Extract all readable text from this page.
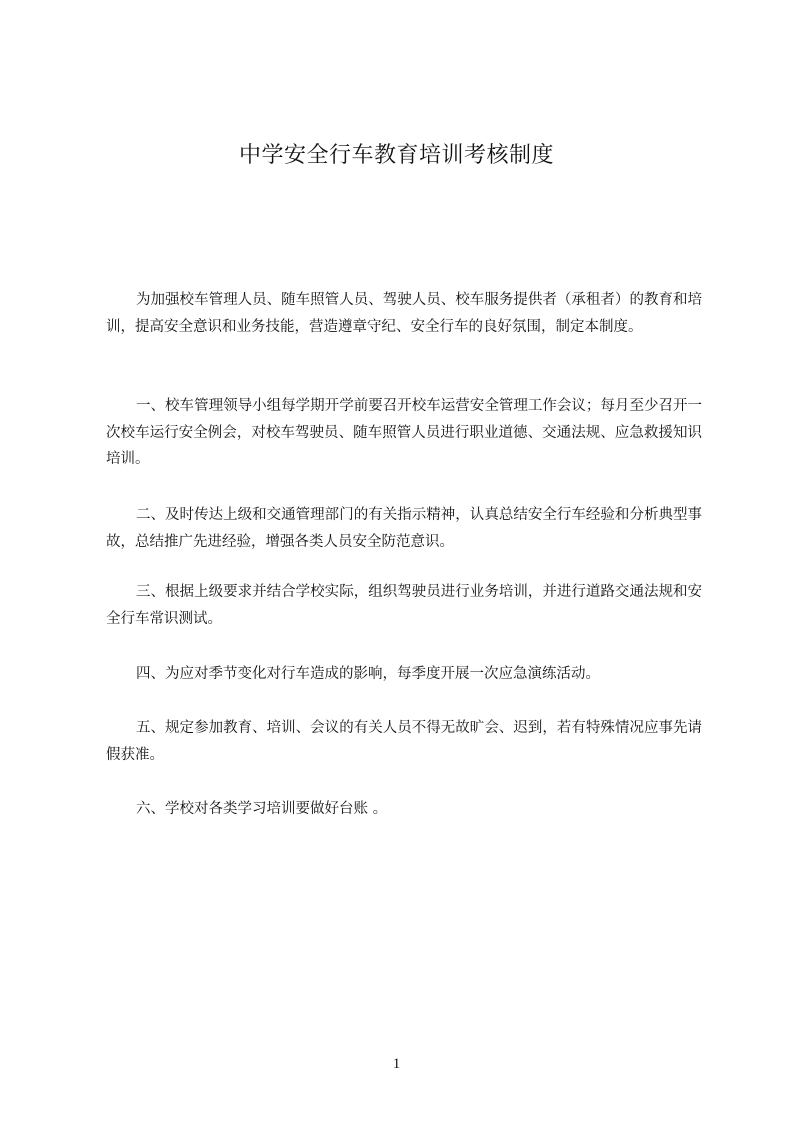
中学安全行车教育培训考核制度

为加强校车管理人员、随车照管人员、驾驶人员、校车服务提供者（承租者）的教育和培训，提高安全意识和业务技能，营造遵章守纪、安全行车的良好氛围，制定本制度。

一、校车管理领导小组每学期开学前要召开校车运营安全管理工作会议；每月至少召开一次校车运行安全例会，对校车驾驶员、随车照管人员进行职业道德、交通法规、应急救援知识培训。

二、及时传达上级和交通管理部门的有关指示精神，认真总结安全行车经验和分析典型事故，总结推广先进经验，增强各类人员安全防范意识。

三、根据上级要求并结合学校实际，组织驾驶员进行业务培训，并进行道路交通法规和安全行车常识测试。

四、为应对季节变化对行车造成的影响，每季度开展一次应急演练活动。

五、规定参加教育、培训、会议的有关人员不得无故旷会、迟到，若有特殊情况应事先请假获准。

六、学校对各类学习培训要做好台账 。

1
